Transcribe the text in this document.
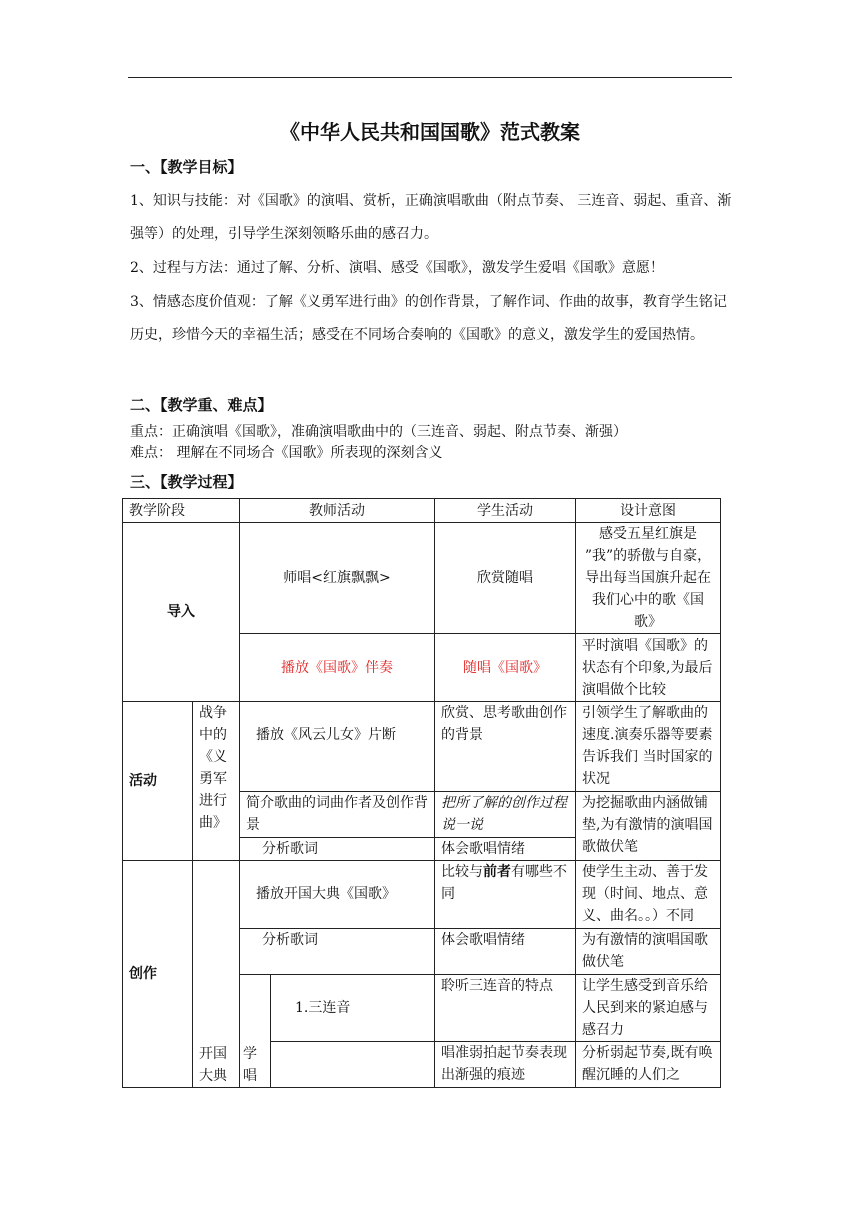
《中华人民共和国国歌》范式教案
一、【教学目标】
1、知识与技能：对《国歌》的演唱、赏析，正确演唱歌曲（附点节奏、 三连音、弱起、重音、渐强等）的处理，引导学生深刻领略乐曲的感召力。
2、过程与方法：通过了解、分析、演唱、感受《国歌》，激发学生爱唱《国歌》意愿！
3、情感态度价值观：了解《义勇军进行曲》的创作背景，了解作词、作曲的故事，教育学生铭记历史，珍惜今天的幸福生活；感受在不同场合奏响的《国歌》的意义，激发学生的爱国热情。
二、【教学重、难点】
重点：正确演唱《国歌》，准确演唱歌曲中的（三连音、弱起、附点节奏、渐强）
难点： 理解在不同场合《国歌》所表现的深刻含义
三、【教学过程】
教学阶段		教师活动		学生活动	设计意图
导入		师唱<红旗飘飘>		欣赏随唱	感受五星红旗是 ”我”的骄傲与自豪， 导出每当国旗升起在我们心中的歌《国歌》
		播放《国歌》伴奏		随唱《国歌》	平时演唱《国歌》的状态有个印象,为最后演唱做个比较
活动	战争中的《义勇军进行曲》	播放《风云儿女》片断		欣赏、思考歌曲创作的背景	引领学生了解歌曲的速度.演奏乐器等要素告诉我们 当时国家的状况
		简介歌曲的词曲作者及创作背景		把所了解的创作过程说一说	为挖掘歌曲内涵做铺垫,为有激情的演唱国歌做伏笔
		分析歌词		体会歌唱情绪	
创作	开国大典	播放开国大典《国歌》		比较与前者有哪些不同	使学生主动、善于发现（时间、地点、意义、曲名。。）不同
		分析歌词		体会歌唱情绪	为有激情的演唱国歌做伏笔
		学唱	1.三连音	聆听三连音的特点	让学生感受到音乐给人民到来的紧迫感与感召力
				唱准弱拍起节奏表现出渐强的痕迹	分析弱起节奏,既有唤醒沉睡的人们之
